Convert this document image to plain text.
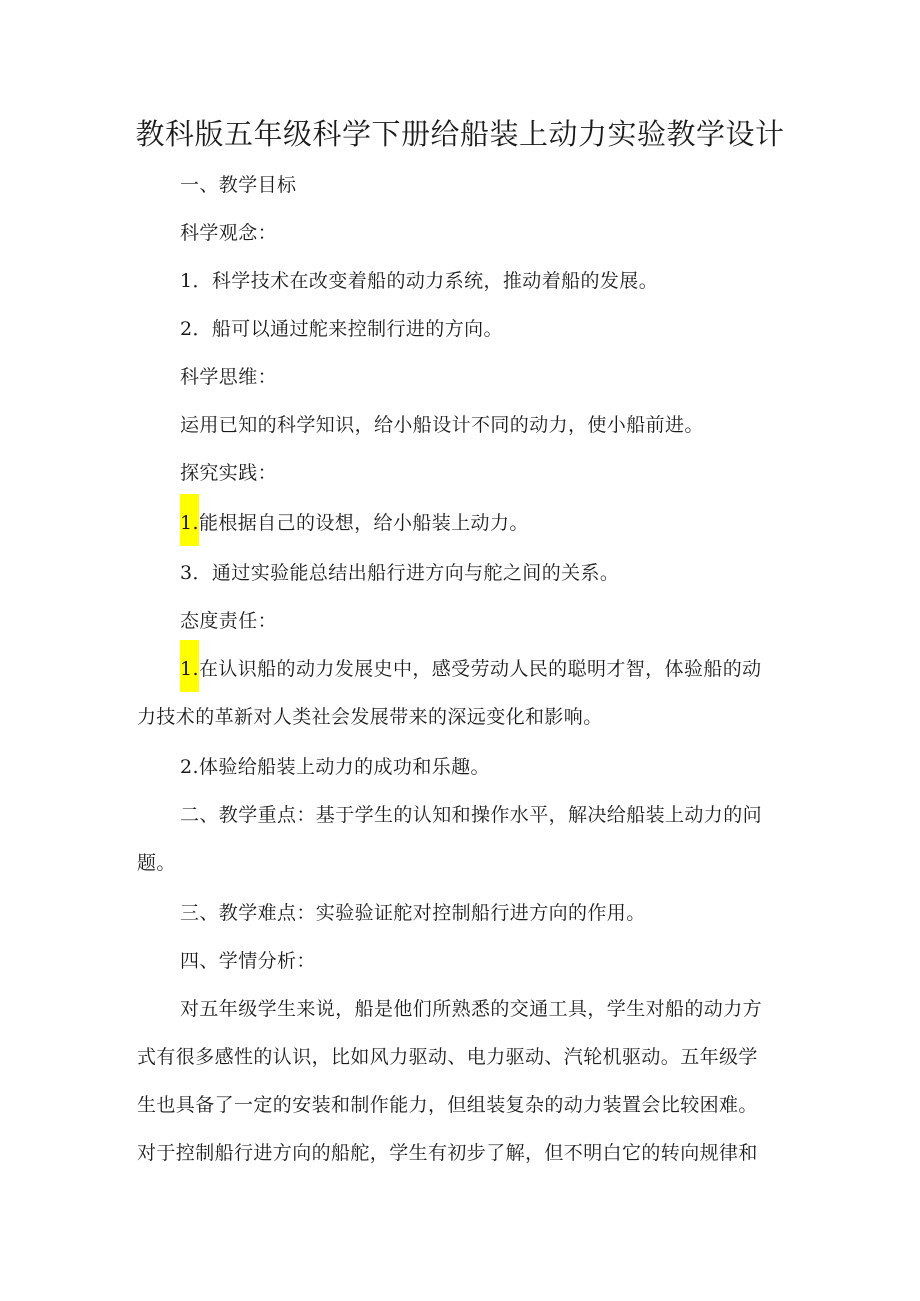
教科版五年级科学下册给船装上动力实验教学设计
一、教学目标
科学观念：
1．科学技术在改变着船的动力系统，推动着船的发展。
2．船可以通过舵来控制行进的方向。
科学思维：
运用已知的科学知识，给小船设计不同的动力，使小船前进。
探究实践：
1.能根据自己的设想，给小船装上动力。
3．通过实验能总结出船行进方向与舵之间的关系。
态度责任：
1.在认识船的动力发展史中，感受劳动人民的聪明才智，体验船的动
力技术的革新对人类社会发展带来的深远变化和影响。
2.体验给船装上动力的成功和乐趣。
二、教学重点：基于学生的认知和操作水平，解决给船装上动力的问
题。
三、教学难点：实验验证舵对控制船行进方向的作用。
四、学情分析：
对五年级学生来说，船是他们所熟悉的交通工具，学生对船的动力方
式有很多感性的认识，比如风力驱动、电力驱动、汽轮机驱动。五年级学
生也具备了一定的安装和制作能力，但组装复杂的动力装置会比较困难。
对于控制船行进方向的船舵，学生有初步了解，但不明白它的转向规律和
